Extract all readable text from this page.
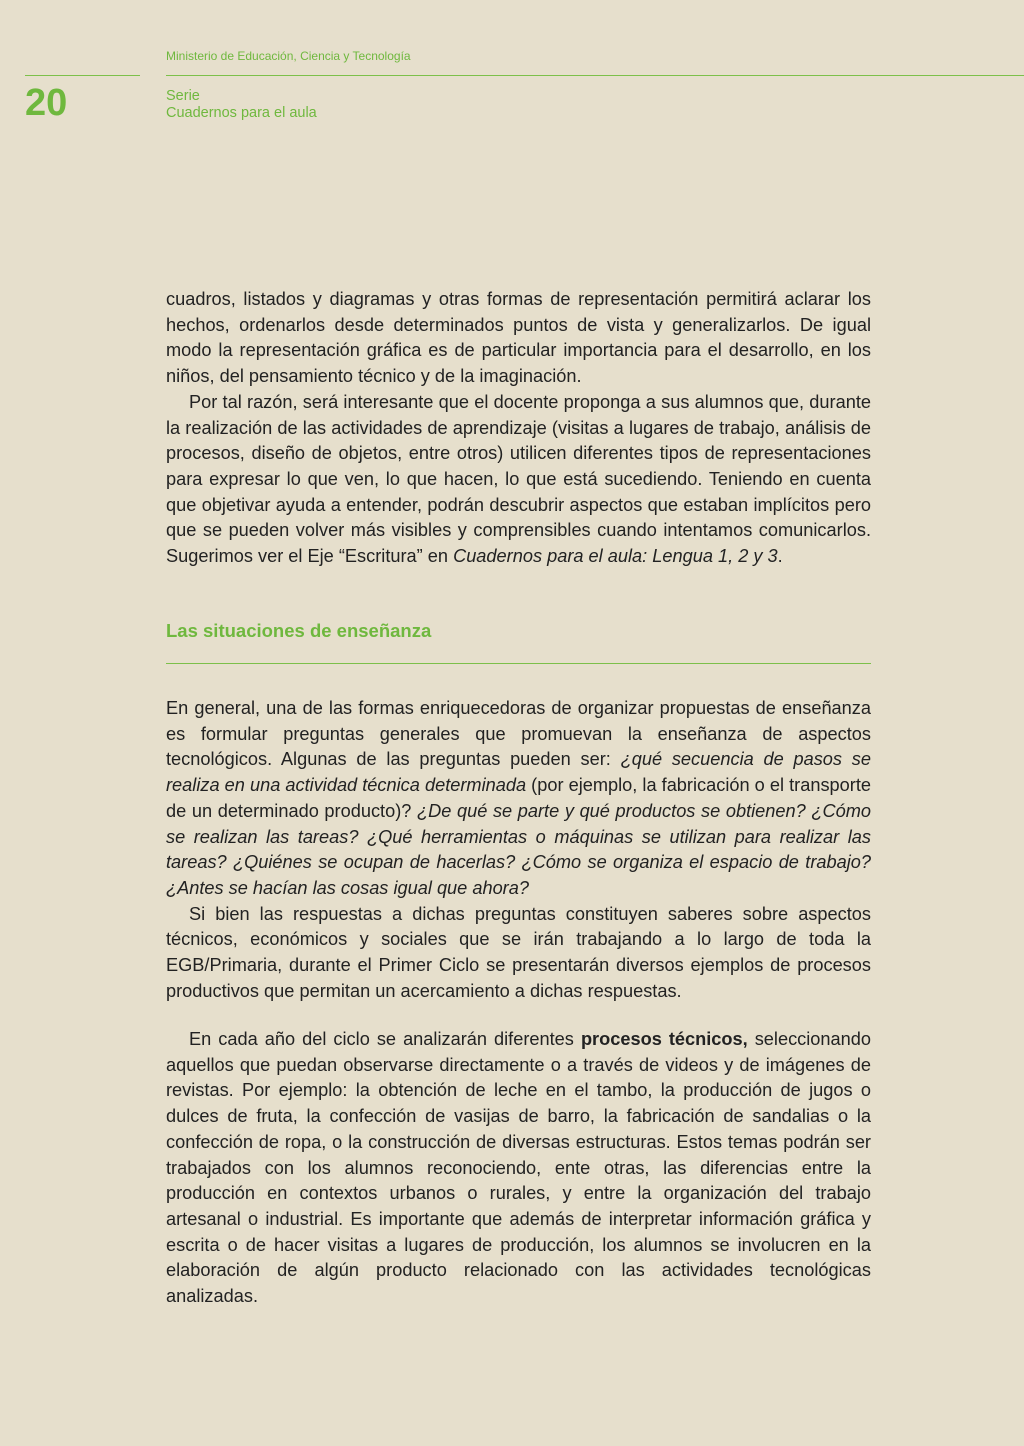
Ministerio de Educación, Ciencia y Tecnología
20	Serie
Cuadernos para el aula

cuadros, listados y diagramas y otras formas de representación permitirá aclarar los hechos, ordenarlos desde determinados puntos de vista y generalizarlos. De igual modo la representación gráfica es de particular importancia para el desarrollo, en los niños, del pensamiento técnico y de la imaginación.

Por tal razón, será interesante que el docente proponga a sus alumnos que, durante la realización de las actividades de aprendizaje (visitas a lugares de trabajo, análisis de procesos, diseño de objetos, entre otros) utilicen diferentes tipos de representaciones para expresar lo que ven, lo que hacen, lo que está sucediendo. Teniendo en cuenta que objetivar ayuda a entender, podrán descubrir aspectos que estaban implícitos pero que se pueden volver más visibles y comprensibles cuando intentamos comunicarlos. Sugerimos ver el Eje “Escritura” en Cuadernos para el aula: Lengua 1, 2 y 3.

Las situaciones de enseñanza

En general, una de las formas enriquecedoras de organizar propuestas de enseñanza es formular preguntas generales que promuevan la enseñanza de aspectos tecnológicos. Algunas de las preguntas pueden ser: ¿qué secuencia de pasos se realiza en una actividad técnica determinada (por ejemplo, la fabricación o el transporte de un determinado producto)? ¿De qué se parte y qué productos se obtienen? ¿Cómo se realizan las tareas? ¿Qué herramientas o máquinas se utilizan para realizar las tareas? ¿Quiénes se ocupan de hacerlas? ¿Cómo se organiza el espacio de trabajo? ¿Antes se hacían las cosas igual que ahora?

Si bien las respuestas a dichas preguntas constituyen saberes sobre aspectos técnicos, económicos y sociales que se irán trabajando a lo largo de toda la EGB/Primaria, durante el Primer Ciclo se presentarán diversos ejemplos de procesos productivos que permitan un acercamiento a dichas respuestas.

En cada año del ciclo se analizarán diferentes procesos técnicos, seleccionando aquellos que puedan observarse directamente o a través de videos y de imágenes de revistas. Por ejemplo: la obtención de leche en el tambo, la producción de jugos o dulces de fruta, la confección de vasijas de barro, la fabricación de sandalias o la confección de ropa, o la construcción de diversas estructuras. Estos temas podrán ser trabajados con los alumnos reconociendo, ente otras, las diferencias entre la producción en contextos urbanos o rurales, y entre la organización del trabajo artesanal o industrial. Es importante que además de interpretar información gráfica y escrita o de hacer visitas a lugares de producción, los alumnos se involucren en la elaboración de algún producto relacionado con las actividades tecnológicas analizadas.
